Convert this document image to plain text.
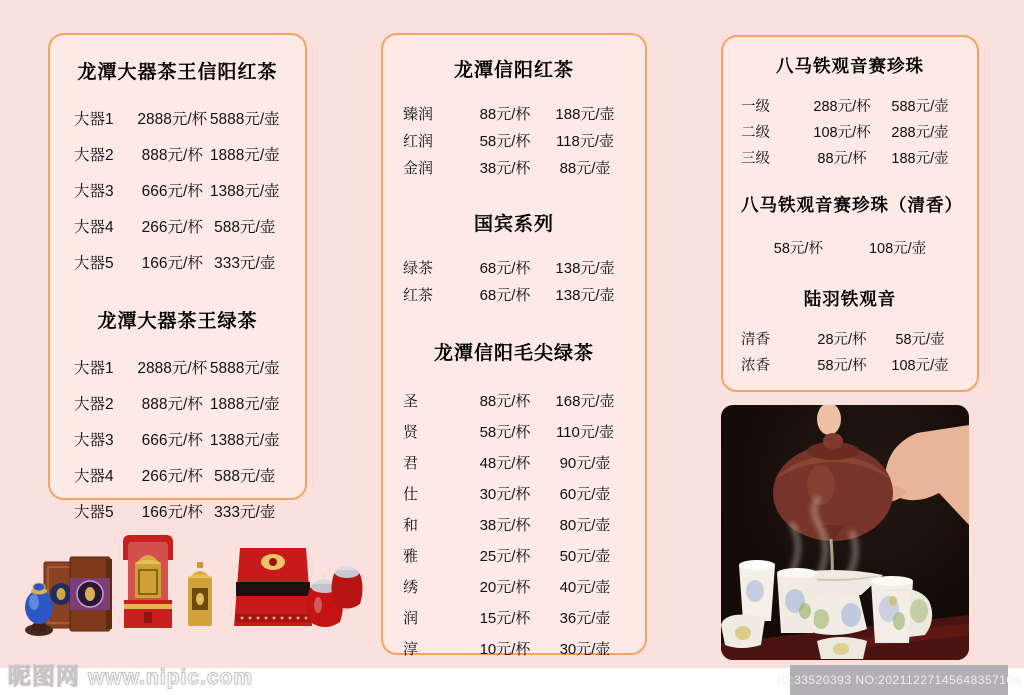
龙潭大器茶王信阳红茶
大器1	2888元/杯 5888元/壶
大器2	888元/杯 1888元/壶
大器3	666元/杯 1388元/壶
大器4	266元/杯 588元/壶
大器5	166元/杯 333元/壶
龙潭大器茶王绿茶
大器1	2888元/杯 5888元/壶
大器2	888元/杯 1888元/壶
大器3	666元/杯 1388元/壶
大器4	266元/杯 588元/壶
大器5	166元/杯 333元/壶
龙潭信阳红茶
臻润	88元/杯	188元/壶
红润	58元/杯	118元/壶
金润	38元/杯	88元/壶
国宾系列
绿茶	68元/杯	138元/壶
红茶	68元/杯	138元/壶
龙潭信阳毛尖绿茶
圣	88元/杯	168元/壶
贤	58元/杯	110元/壶
君	48元/杯	90元/壶
仕	30元/杯	60元/壶
和	38元/杯	80元/壶
雅	25元/杯	50元/壶
绣	20元/杯	40元/壶
润	15元/杯	36元/壶
淳	10元/杯	30元/壶
八马铁观音赛珍珠
一级	288元/杯	588元/壶
二级	108元/杯	288元/壶
三级	88元/杯	188元/壶
八马铁观音赛珍珠（清香）
58元/杯	108元/壶
陆羽铁观音
清香	28元/杯	58元/壶
浓香	58元/杯	108元/壶
昵图网 www.nipic.com	ID:33520393 NO:20211227145648357106
